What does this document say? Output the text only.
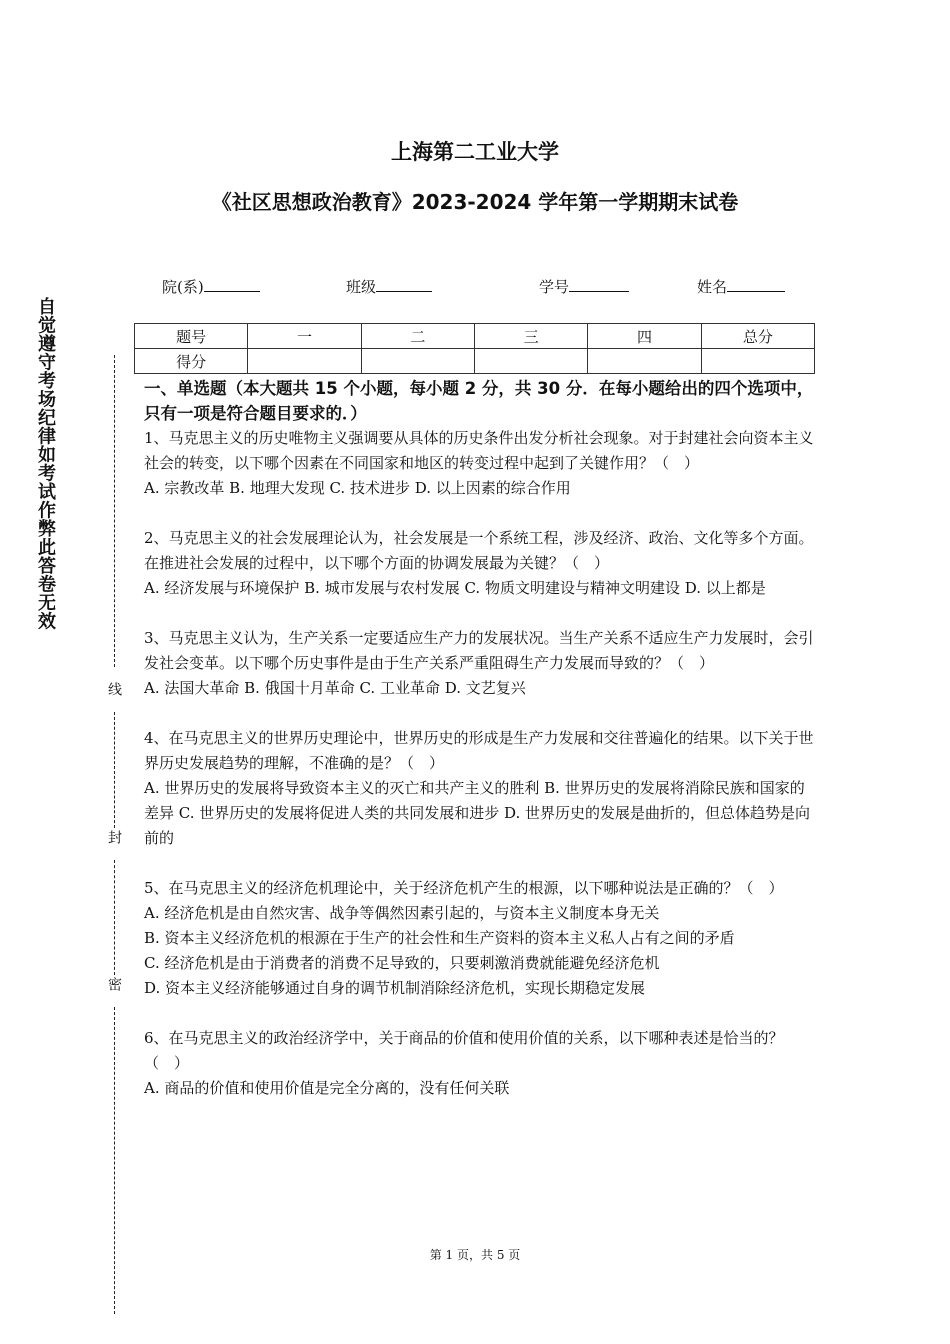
上海第二工业大学
《社区思想政治教育》2023-2024 学年第一学期期末试卷
院(系)	班级	学号	姓名
题号	一	二	三	四	总分
得分					
自觉遵守考场纪律如考试作弊此答卷无效
线
封
密
一、单选题（本大题共 15 个小题，每小题 2 分，共 30 分．在每小题给出的四个选项中，只有一项是符合题目要求的．）

1、马克思主义的历史唯物主义强调要从具体的历史条件出发分析社会现象。对于封建社会向资本主义社会的转变，以下哪个因素在不同国家和地区的转变过程中起到了关键作用？（　）

A. 宗教改革 B. 地理大发现 C. 技术进步 D. 以上因素的综合作用

2、马克思主义的社会发展理论认为，社会发展是一个系统工程，涉及经济、政治、文化等多个方面。在推进社会发展的过程中，以下哪个方面的协调发展最为关键？（　）

A. 经济发展与环境保护 B. 城市发展与农村发展 C. 物质文明建设与精神文明建设 D. 以上都是

3、马克思主义认为，生产关系一定要适应生产力的发展状况。当生产关系不适应生产力发展时，会引发社会变革。以下哪个历史事件是由于生产关系严重阻碍生产力发展而导致的？（　）

A. 法国大革命 B. 俄国十月革命 C. 工业革命 D. 文艺复兴

4、在马克思主义的世界历史理论中，世界历史的形成是生产力发展和交往普遍化的结果。以下关于世界历史发展趋势的理解，不准确的是？（　）

A. 世界历史的发展将导致资本主义的灭亡和共产主义的胜利 B. 世界历史的发展将消除民族和国家的差异 C. 世界历史的发展将促进人类的共同发展和进步 D. 世界历史的发展是曲折的，但总体趋势是向前的

5、在马克思主义的经济危机理论中，关于经济危机产生的根源，以下哪种说法是正确的？（　）

A. 经济危机是由自然灾害、战争等偶然因素引起的，与资本主义制度本身无关

B. 资本主义经济危机的根源在于生产的社会性和生产资料的资本主义私人占有之间的矛盾

C. 经济危机是由于消费者的消费不足导致的，只要刺激消费就能避免经济危机

D. 资本主义经济能够通过自身的调节机制消除经济危机，实现长期稳定发展

6、在马克思主义的政治经济学中，关于商品的价值和使用价值的关系，以下哪种表述是恰当的？（　）

A. 商品的价值和使用价值是完全分离的，没有任何关联

第 1 页，共 5 页
